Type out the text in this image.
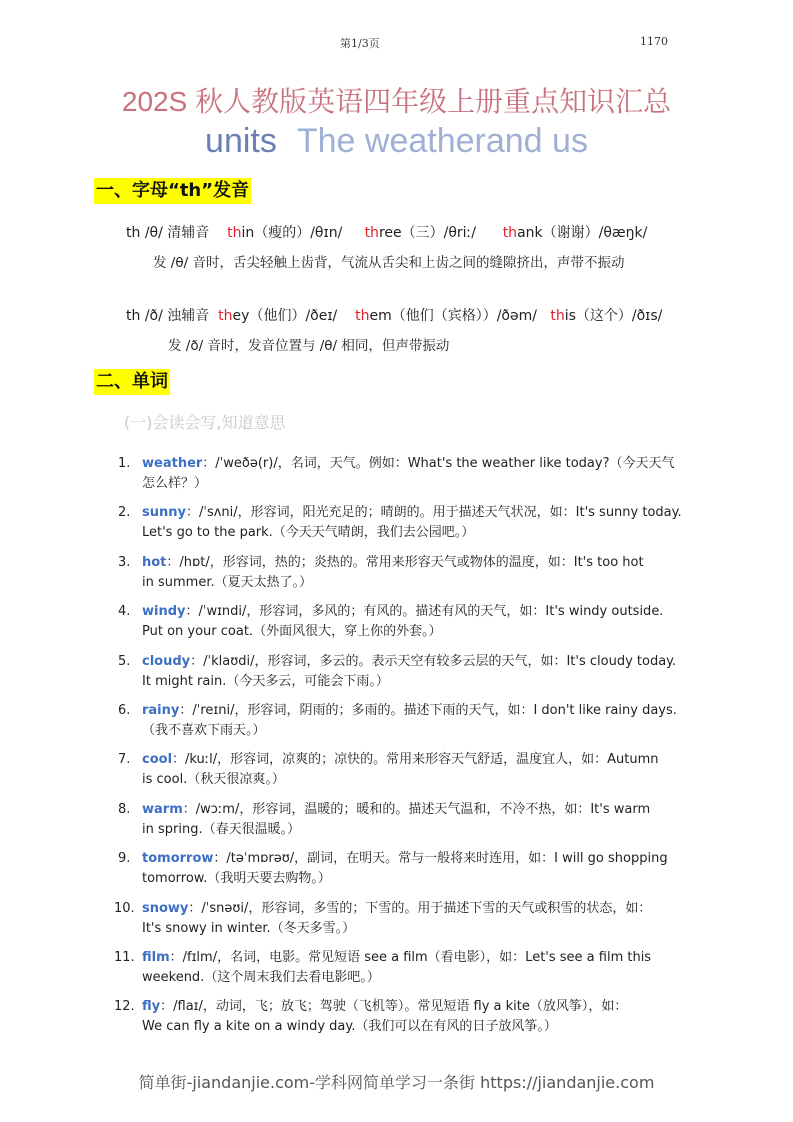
第1/3页	1170
202S 秋人教版英语四年级上册重点知识汇总
units The weatherand us
一、字母“th”发音
th /θ/ 清辅音 thin（瘦的）/θɪn/ three（三）/θriː/ thank（谢谢）/θæŋk/
发 /θ/ 音时，舌尖轻触上齿背，气流从舌尖和上齿之间的缝隙挤出，声带不振动
th /ð/ 浊辅音 they（他们）/ðeɪ/ them（他们（宾格））/ðəm/ this（这个）/ðɪs/
发 /ð/ 音时，发音位置与 /θ/ 相同，但声带振动
二、单词
(一)会读会写,知道意思
1. weather：/ˈweðə(r)/，名词，天气。例如：What's the weather like today?（今天天气
怎么样？）
2. sunny：/ˈsʌni/，形容词，阳光充足的；晴朗的。用于描述天气状况，如：It's sunny today.
Let's go to the park.（今天天气晴朗，我们去公园吧。）
3. hot：/hɒt/，形容词，热的；炎热的。常用来形容天气或物体的温度，如：It's too hot
in summer.（夏天太热了。）
4. windy：/ˈwɪndi/，形容词，多风的；有风的。描述有风的天气，如：It's windy outside.
Put on your coat.（外面风很大，穿上你的外套。）
5. cloudy：/ˈklaʊdi/，形容词，多云的。表示天空有较多云层的天气，如：It's cloudy today.
It might rain.（今天多云，可能会下雨。）
6. rainy：/ˈreɪni/，形容词，阴雨的；多雨的。描述下雨的天气，如：I don't like rainy days.
（我不喜欢下雨天。）
7. cool：/kuːl/，形容词，凉爽的；凉快的。常用来形容天气舒适，温度宜人，如：Autumn
is cool.（秋天很凉爽。）
8. warm：/wɔːm/，形容词，温暖的；暖和的。描述天气温和，不冷不热，如：It's warm
in spring.（春天很温暖。）
9. tomorrow：/təˈmɒrəʊ/，副词，在明天。常与一般将来时连用，如：I will go shopping
tomorrow.（我明天要去购物。）
10. snowy：/ˈsnəʊi/，形容词，多雪的；下雪的。用于描述下雪的天气或积雪的状态，如：
It's snowy in winter.（冬天多雪。）
11. film：/fɪlm/，名词，电影。常见短语 see a film（看电影），如：Let's see a film this
weekend.（这个周末我们去看电影吧。）
12. fly：/flaɪ/，动词，飞；放飞；驾驶（飞机等）。常见短语 fly a kite（放风筝），如：
We can fly a kite on a windy day.（我们可以在有风的日子放风筝。）
简单街-jiandanjie.com-学科网简单学习一条街 https://jiandanjie.com
